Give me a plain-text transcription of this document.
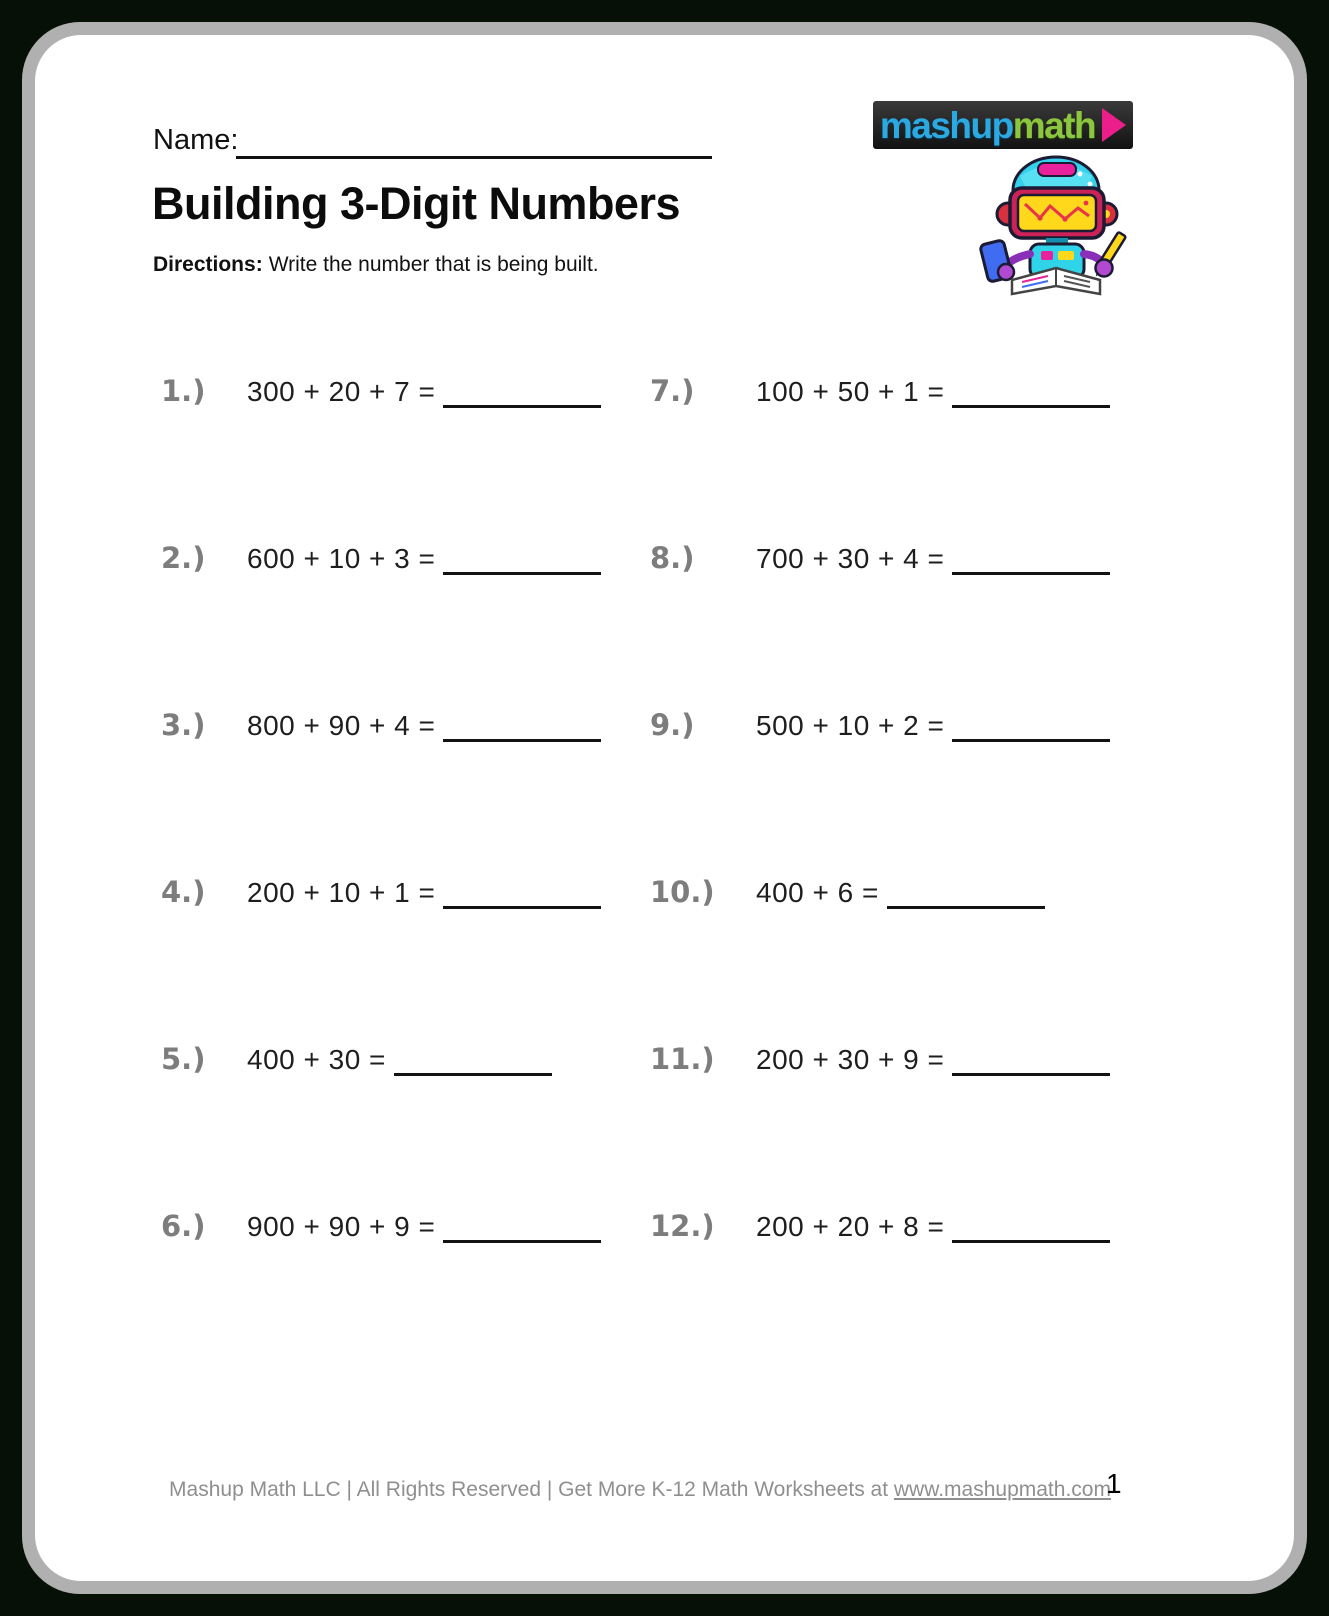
Name:	mashup math
Building 3-Digit Numbers

Directions: Write the number that is being built.

1.) 300 + 20 + 7 =
2.) 600 + 10 + 3 =
3.) 800 + 90 + 4 =
4.) 200 + 10 + 1 =
5.) 400 + 30 =
6.) 900 + 90 + 9 =
7.) 100 + 50 + 1 =
8.) 700 + 30 + 4 =
9.) 500 + 10 + 2 =
10.) 400 + 6 =
11.) 200 + 30 + 9 =
12.) 200 + 20 + 8 =
Mashup Math LLC | All Rights Reserved | Get More K-12 Math Worksheets at www.mashupmath.com
1
